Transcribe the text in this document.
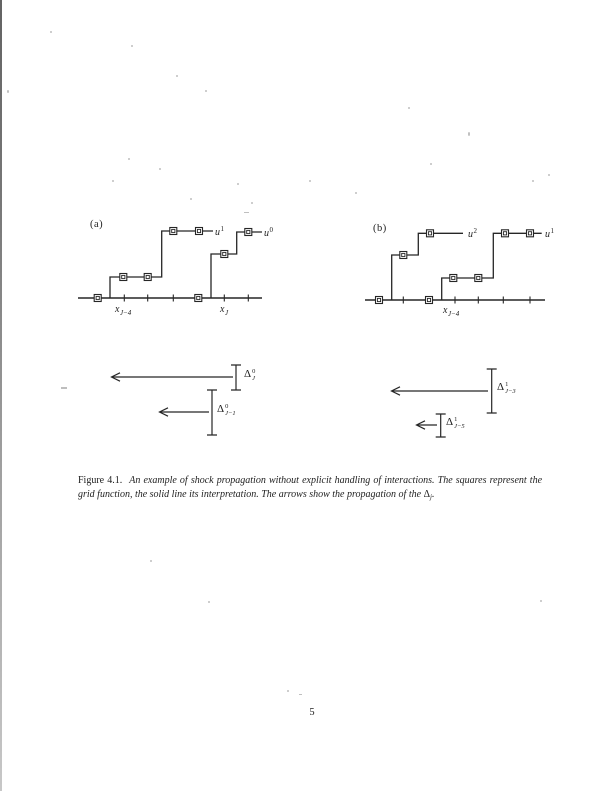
(a)
$u^1$	$u^0$
$x_{J-4}$	$x_J$
(b)
$u^2$	$u^1$
$x_{J-4}$
Δ 0
J
Δ 0
J−1
Δ 1
J−3
Δ 1
J−5
Figure 4.1. An example of shock propagation without explicit handling of interactions. The squares represent the grid function, the solid line its interpretation. The arrows show the propagation of the $\Delta_j$.
5
